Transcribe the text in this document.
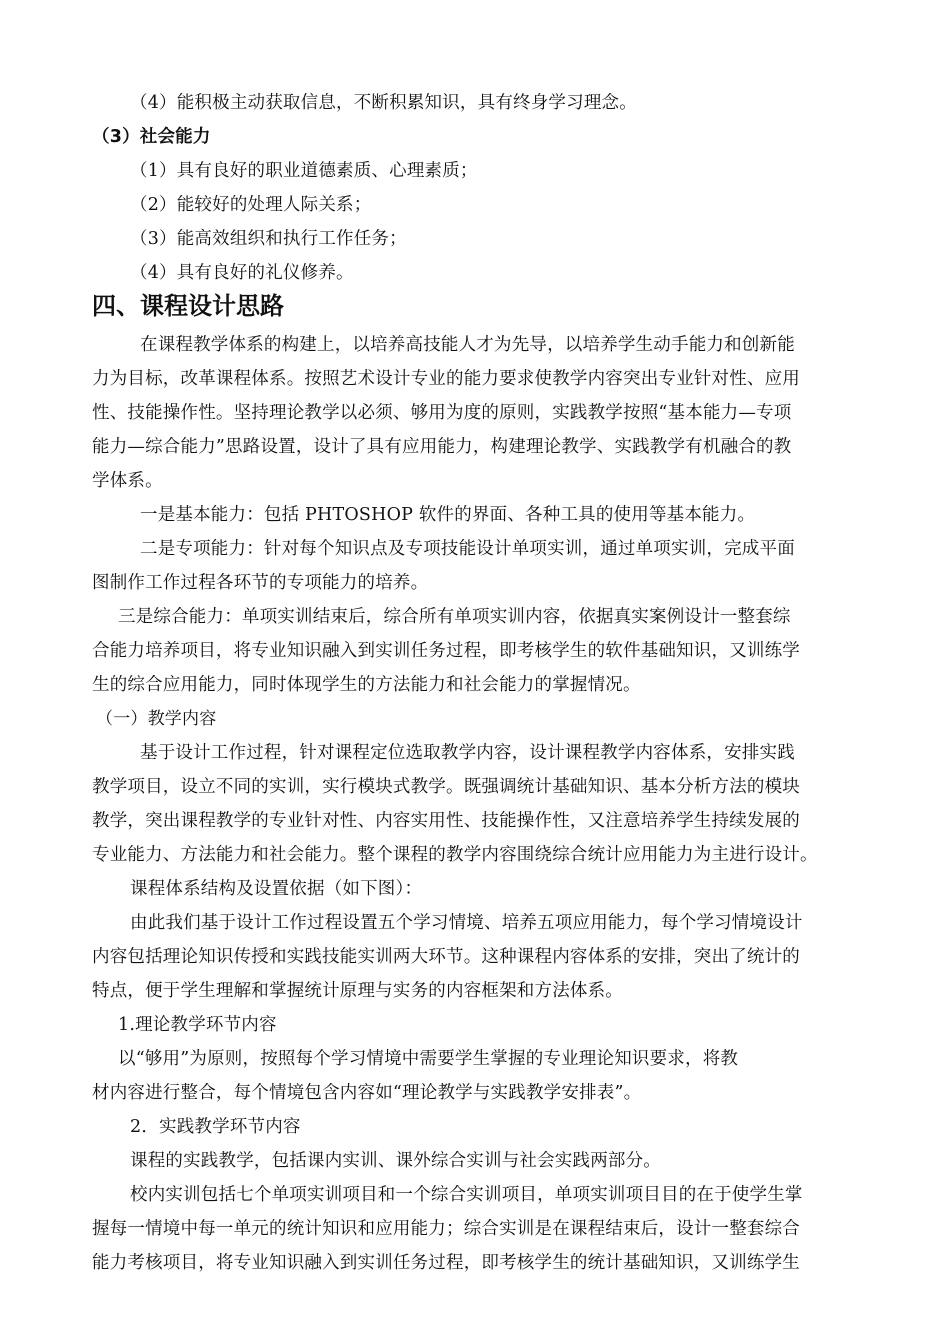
（4）能积极主动获取信息，不断积累知识，具有终身学习理念。
（3）社会能力
（1）具有良好的职业道德素质、心理素质；
（2）能较好的处理人际关系；
（3）能高效组织和执行工作任务；
（4）具有良好的礼仪修养。
四、课程设计思路
在课程教学体系的构建上，以培养高技能人才为先导，以培养学生动手能力和创新能
力为目标，改革课程体系。按照艺术设计专业的能力要求使教学内容突出专业针对性、应用
性、技能操作性。坚持理论教学以必须、够用为度的原则，实践教学按照“基本能力—专项
能力—综合能力”思路设置，设计了具有应用能力，构建理论教学、实践教学有机融合的教
学体系。
一是基本能力：包括 PHTOSHOP 软件的界面、各种工具的使用等基本能力。
二是专项能力：针对每个知识点及专项技能设计单项实训，通过单项实训，完成平面
图制作工作过程各环节的专项能力的培养。
三是综合能力：单项实训结束后，综合所有单项实训内容，依据真实案例设计一整套综
合能力培养项目，将专业知识融入到实训任务过程，即考核学生的软件基础知识，又训练学
生的综合应用能力，同时体现学生的方法能力和社会能力的掌握情况。
（一）教学内容
基于设计工作过程，针对课程定位选取教学内容，设计课程教学内容体系，安排实践
教学项目，设立不同的实训，实行模块式教学。既强调统计基础知识、基本分析方法的模块
教学，突出课程教学的专业针对性、内容实用性、技能操作性，又注意培养学生持续发展的
专业能力、方法能力和社会能力。整个课程的教学内容围绕综合统计应用能力为主进行设计。
课程体系结构及设置依据（如下图）：
由此我们基于设计工作过程设置五个学习情境、培养五项应用能力，每个学习情境设计
内容包括理论知识传授和实践技能实训两大环节。这种课程内容体系的安排，突出了统计的
特点，便于学生理解和掌握统计原理与实务的内容框架和方法体系。
1.理论教学环节内容
以“够用”为原则，按照每个学习情境中需要学生掌握的专业理论知识要求，将教
材内容进行整合，每个情境包含内容如“理论教学与实践教学安排表”。
2．实践教学环节内容
课程的实践教学，包括课内实训、课外综合实训与社会实践两部分。
校内实训包括七个单项实训项目和一个综合实训项目，单项实训项目目的在于使学生掌
握每一情境中每一单元的统计知识和应用能力；综合实训是在课程结束后，设计一整套综合
能力考核项目，将专业知识融入到实训任务过程，即考核学生的统计基础知识，又训练学生
